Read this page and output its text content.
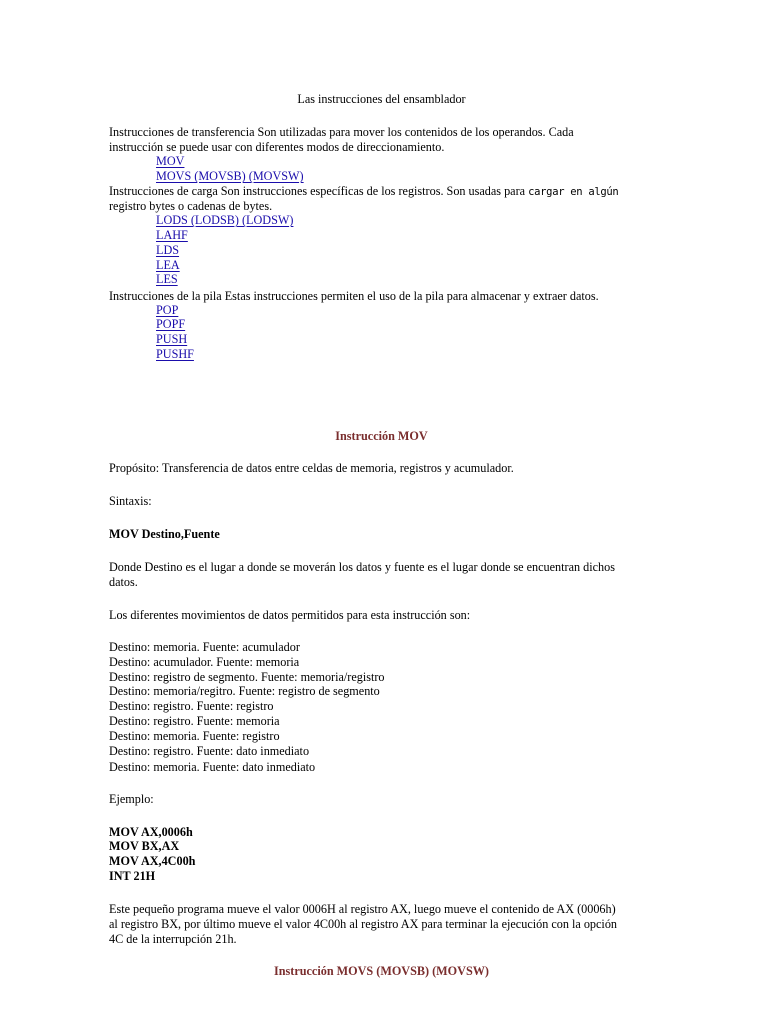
Las instrucciones del ensamblador
Instrucciones de transferencia Son utilizadas para mover los contenidos de los operandos. Cada
instrucción se puede usar con diferentes modos de direccionamiento.
MOV
MOVS (MOVSB) (MOVSW)
Instrucciones de carga Son instrucciones específicas de los registros. Son usadas para cargar en algún
registro bytes o cadenas de bytes.
LODS (LODSB) (LODSW)
LAHF
LDS
LEA
LES
Instrucciones de la pila Estas instrucciones permiten el uso de la pila para almacenar y extraer datos.
POP
POPF
PUSH
PUSHF
Instrucción MOV
Propósito: Transferencia de datos entre celdas de memoria, registros y acumulador.
Sintaxis:
MOV Destino,Fuente
Donde Destino es el lugar a donde se moverán los datos y fuente es el lugar donde se encuentran dichos
datos.
Los diferentes movimientos de datos permitidos para esta instrucción son:
Destino: memoria. Fuente: acumulador
Destino: acumulador. Fuente: memoria
Destino: registro de segmento. Fuente: memoria/registro
Destino: memoria/regitro. Fuente: registro de segmento
Destino: registro. Fuente: registro
Destino: registro. Fuente: memoria
Destino: memoria. Fuente: registro
Destino: registro. Fuente: dato inmediato
Destino: memoria. Fuente: dato inmediato
Ejemplo:
MOV AX,0006h
MOV BX,AX
MOV AX,4C00h
INT 21H
Este pequeño programa mueve el valor 0006H al registro AX, luego mueve el contenido de AX (0006h)
al registro BX, por último mueve el valor 4C00h al registro AX para terminar la ejecución con la opción
4C de la interrupción 21h.
Instrucción MOVS (MOVSB) (MOVSW)
